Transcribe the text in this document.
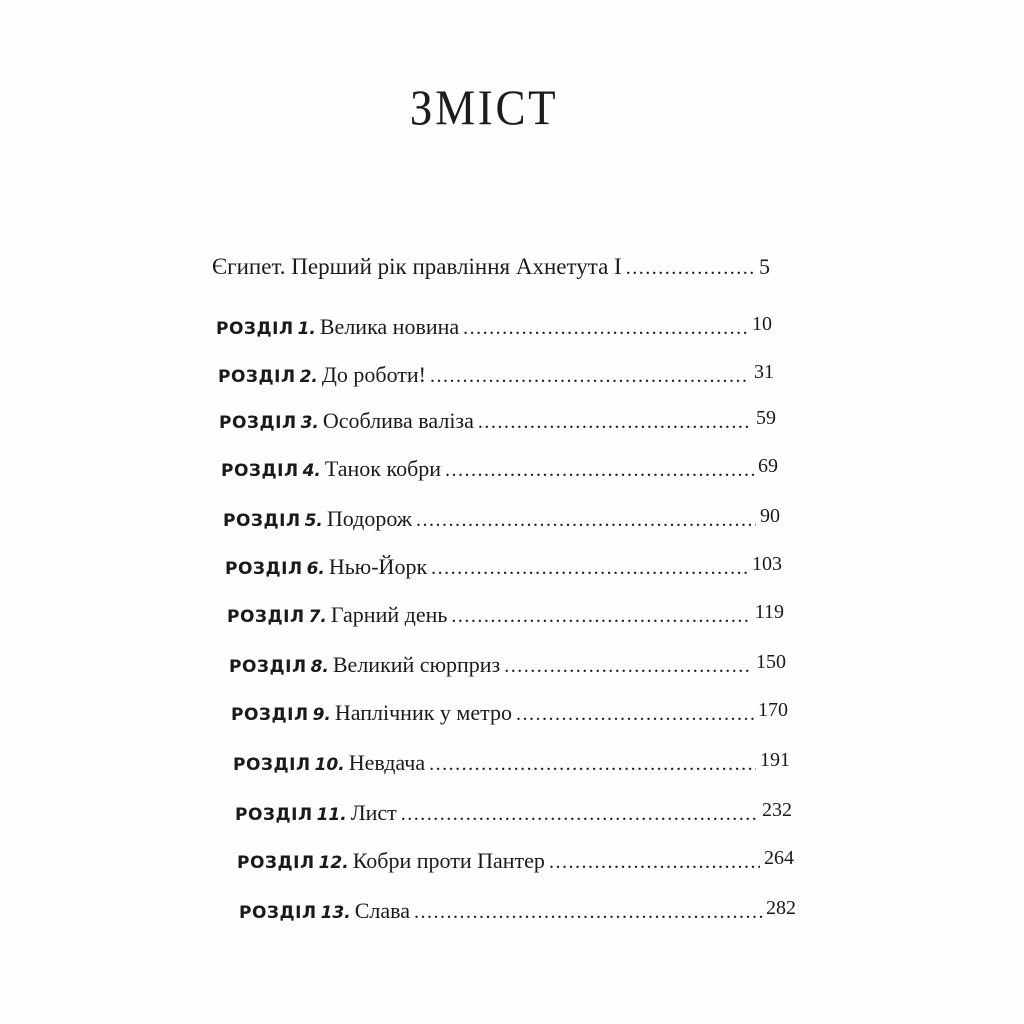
ЗМІСТ
Єгипет. Перший рік правління Ахнетута I .....	5
РОЗДІЛ 1. Велика новина .....	10
РОЗДІЛ 2. До роботи! .....	31
РОЗДІЛ 3. Особлива валіза .....	59
РОЗДІЛ 4. Танок кобри .....	69
РОЗДІЛ 5. Подорож .....	90
РОЗДІЛ 6. Нью-Йорк .....	103
РОЗДІЛ 7. Гарний день .....	119
РОЗДІЛ 8. Великий сюрприз .....	150
РОЗДІЛ 9. Наплічник у метро .....	170
РОЗДІЛ 10. Невдача .....	191
РОЗДІЛ 11. Лист .....	232
РОЗДІЛ 12. Кобри проти Пантер .....	264
РОЗДІЛ 13. Слава .....	282
